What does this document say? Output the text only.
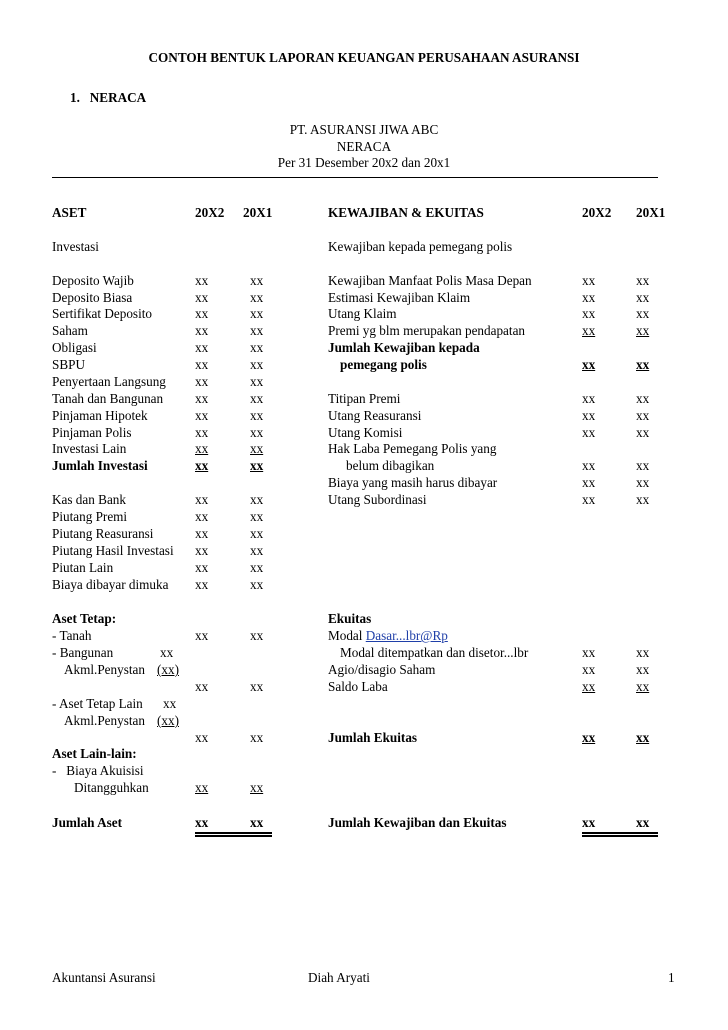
CONTOH BENTUK LAPORAN KEUANGAN PERUSAHAAN ASURANSI
1.   NERACA
PT. ASURANSI JIWA ABC
NERACA
Per 31 Desember 20x2 dan 20x1
ASET	20X2 20X1	KEWAJIBAN & EKUITAS	20X2 20X1
Investasi
Deposito Wajib	xx	xx
Deposito Biasa	xx	xx
Sertifikat Deposito	xx	xx
Saham	xx	xx
Obligasi	xx	xx
SBPU	xx	xx
Penyertaan Langsung xx	xx
Tanah dan Bangunan xx	xx
Pinjaman Hipotek	xx	xx
Pinjaman Polis	xx	xx
Investasi Lain	xx	xx
Jumlah Investasi	xx	xx
Kas dan Bank	xx	xx
Piutang Premi	xx	xx
Piutang Reasuransi	xx	xx
Piutang Hasil Investasi xx	xx
Piutan Lain	xx	xx
Biaya dibayar dimuka xx	xx
Aset Tetap:
- Tanah	xx	xx
- Bangunan	xx
Akml.Penystan (xx)
xx	xx
- Aset Tetap Lain xx
Akml.Penystan (xx)
xx	xx
Aset Lain-lain:
-   Biaya Akuisisi
Ditangguhkan	xx	xx
Jumlah Aset	xx	xx
Kewajiban kepada pemegang polis
Kewajiban Manfaat Polis Masa Depan	xx	xx
Estimasi Kewajiban Klaim	xx	xx
Utang Klaim	xx	xx
Premi yg blm merupakan pendapatan	xx	xx
Jumlah Kewajiban kepada
pemegang polis	xx	xx
Titipan Premi	xx	xx
Utang Reasuransi	xx	xx
Utang Komisi	xx	xx
Hak Laba Pemegang Polis yang
belum dibagikan	xx	xx
Biaya yang masih harus dibayar	xx	xx
Utang Subordinasi	xx	xx
Ekuitas
Modal Dasar...lbr@Rp
Modal ditempatkan dan disetor...lbr	xx	xx
Agio/disagio Saham	xx	xx
Saldo Laba	xx	xx
Jumlah Ekuitas	xx	xx
Jumlah Kewajiban dan Ekuitas	xx	xx
Akuntansi Asuransi	Diah Aryati	1
